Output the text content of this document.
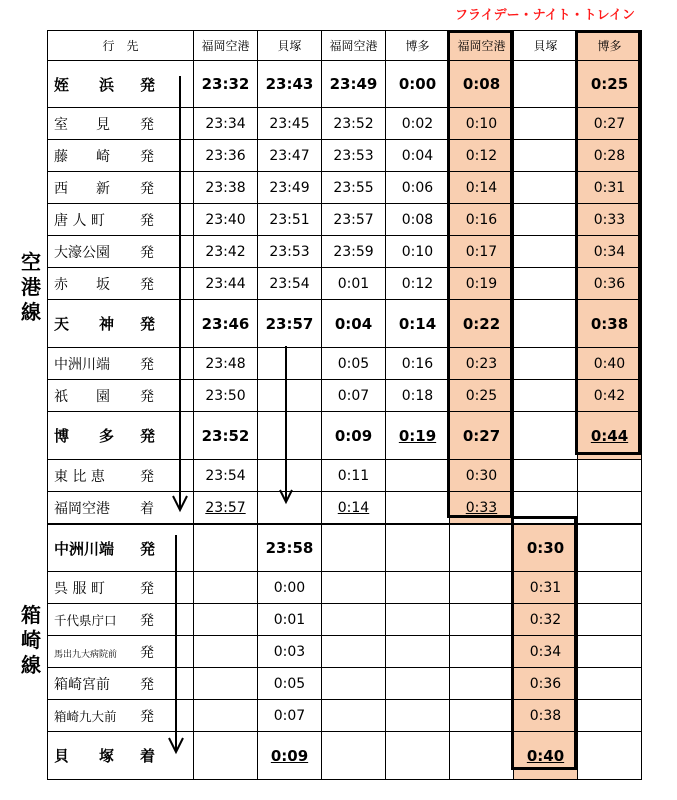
フライデー・ナイト・トレイン
空
港
線
箱
崎
線
行　先	福岡空港	貝塚	福岡空港	博多	福岡空港	貝塚	博多
姪　　浜 発	23:32	23:43	23:49	0:00	0:08		0:25
室　　見 発	23:34	23:45	23:52	0:02	0:10		0:27
藤　　崎 発	23:36	23:47	23:53	0:04	0:12		0:28
西　　新 発	23:38	23:49	23:55	0:06	0:14		0:31
唐 人 町 発	23:40	23:51	23:57	0:08	0:16		0:33
大濠公園 発	23:42	23:53	23:59	0:10	0:17		0:34
赤　　坂 発	23:44	23:54	0:01	0:12	0:19		0:36
天　　神 発	23:46	23:57	0:04	0:14	0:22		0:38
中洲川端 発	23:48		0:05	0:16	0:23		0:40
祇　　園 発	23:50		0:07	0:18	0:25		0:42
博　　多 発	23:52		0:09	0:19	0:27		0:44
東 比 恵 発	23:54		0:11		0:30		
福岡空港 着	23:57		0:14		0:33		
中洲川端 発		23:58				0:30	
呉 服 町 発		0:00				0:31	
千代県庁口 発		0:01				0:32	
馬出九大病院前 発		0:03				0:34	
箱崎宮前 発		0:05				0:36	
箱崎九大前 発		0:07				0:38	
貝　　塚 着		0:09				0:40	
